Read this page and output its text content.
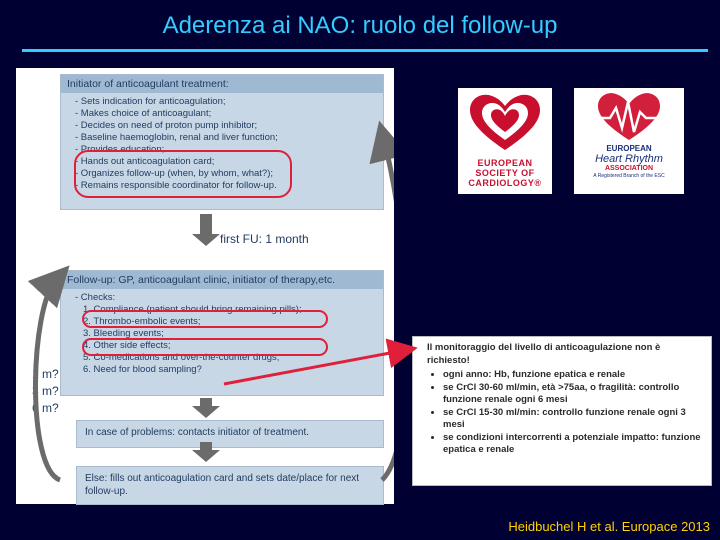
Aderenza ai NAO: ruolo del follow-up
Initiator of anticoagulant treatment:
- Sets indication for anticoagulation;
- Makes choice of anticoagulant;
- Decides on need of proton pump inhibitor;
- Baseline haemoglobin, renal and liver function;
- Provides education;
- Hands out anticoagulation card;
- Organizes follow-up (when, by whom, what?);
- Remains responsible coordinator for follow-up.
first FU: 1 month
Follow-up: GP, anticoagulant clinic, initiator of therapy,etc.
- Checks:
1. Compliance (patient should bring remaining pills);
2. Thrombo-embolic events;
3. Bleeding events;
4. Other side effects;
5. Co-medications and over-the-counter drugs;
6. Need for blood sampling?
1 m?
3 m?
6 m?
In case of problems: contacts initiator of treatment.
Else: fills out anticoagulation card and sets date/place for next follow-up.
EUROPEAN
SOCIETY OF
CARDIOLOGY®
EUROPEAN
Heart Rhythm
ASSOCIATION
A Registered Branch of the ESC

Il monitoraggio del livello di anticoagulazione non è richiesto!

• ogni anno: Hb, funzione epatica e renale
• se CrCl 30-60 ml/min, età >75aa, o fragilità: controllo funzione renale ogni 6 mesi
• se CrCl 15-30 ml/min: controllo funzione renale ogni 3 mesi
• se condizioni intercorrenti a potenziale impatto: funzione epatica e renale
Heidbuchel H et al. Europace 2013
